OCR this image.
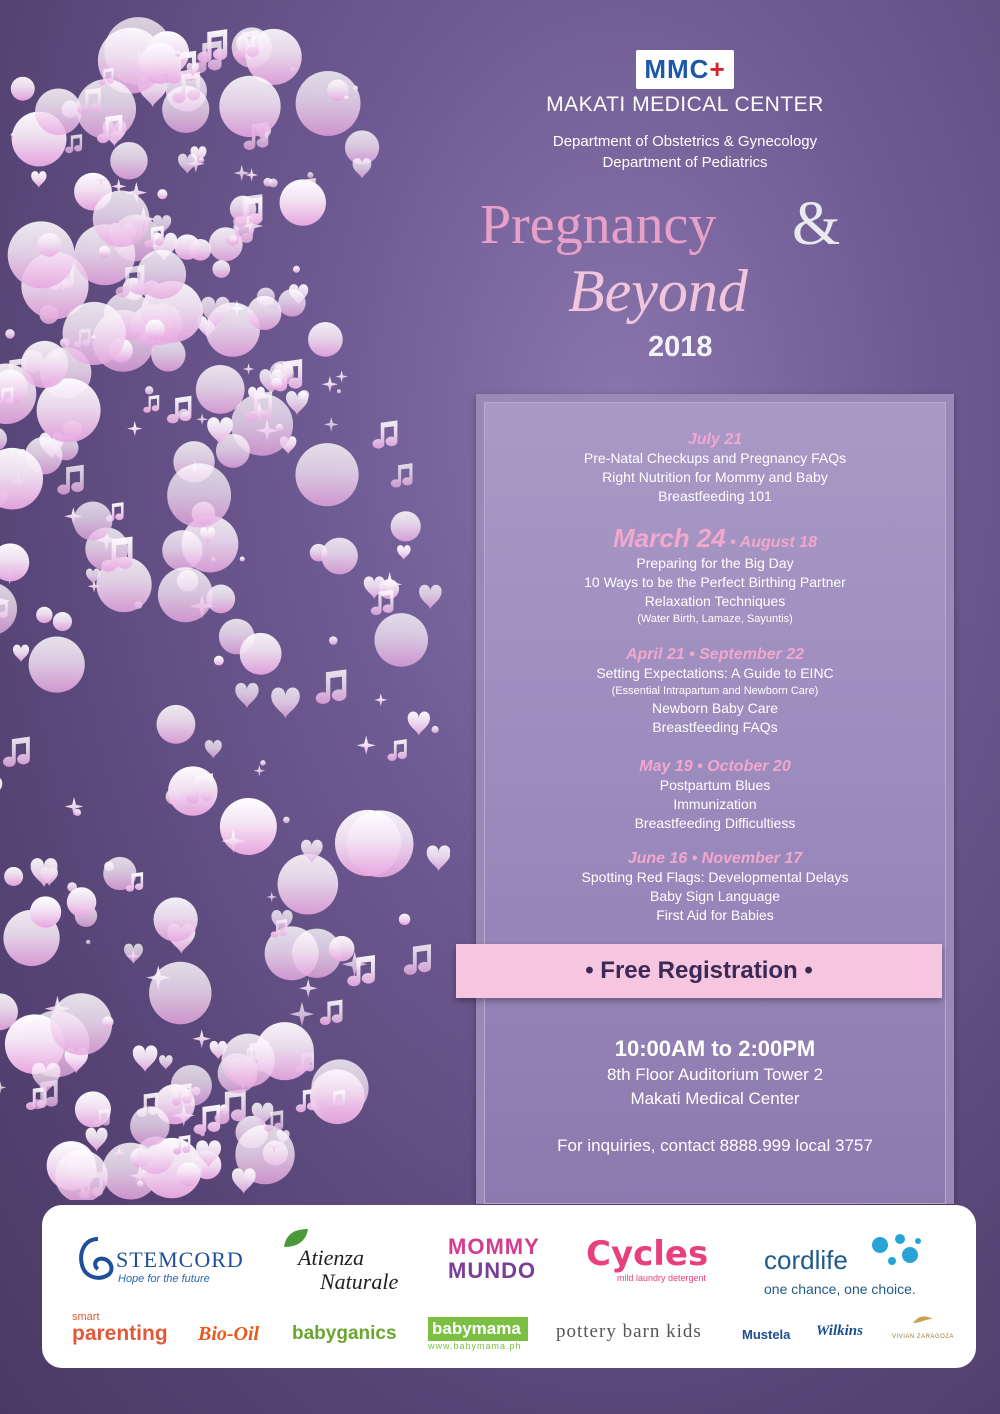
MMC+
MAKATI MEDICAL CENTER
Department of Obstetrics & Gynecology
Department of Pediatrics
Pregnancy &
Beyond
2018
July 21
Pre-Natal Checkups and Pregnancy FAQs
Right Nutrition for Mommy and Baby
Breastfeeding 101
March 24 • August 18
Preparing for the Big Day
10 Ways to be the Perfect Birthing Partner
Relaxation Techniques
(Water Birth, Lamaze, Sayuntis)
April 21 • September 22
Setting Expectations: A Guide to EINC
(Essential Intrapartum and Newborn Care)
Newborn Baby Care
Breastfeeding FAQs
May 19 • October 20
Postpartum Blues
Immunization
Breastfeeding Difficultiess
June 16 • November 17
Spotting Red Flags: Developmental Delays
Baby Sign Language
First Aid for Babies
• Free Registration •
10:00AM to 2:00PM
8th Floor Auditorium Tower 2
Makati Medical Center
For inquiries, contact 8888.999 local 3757
STEMCORD
Hope for the future
Atienza
Naturale
MOMMY
MUNDO	Cycles
mild laundry detergent
cordlife
one chance, one choice.
smart
parenting	Bio-Oil babyganics babymama
www.babymama.ph
pottery barn kids	Mustela Wilkins	VIVIAN ZARAGOZA
